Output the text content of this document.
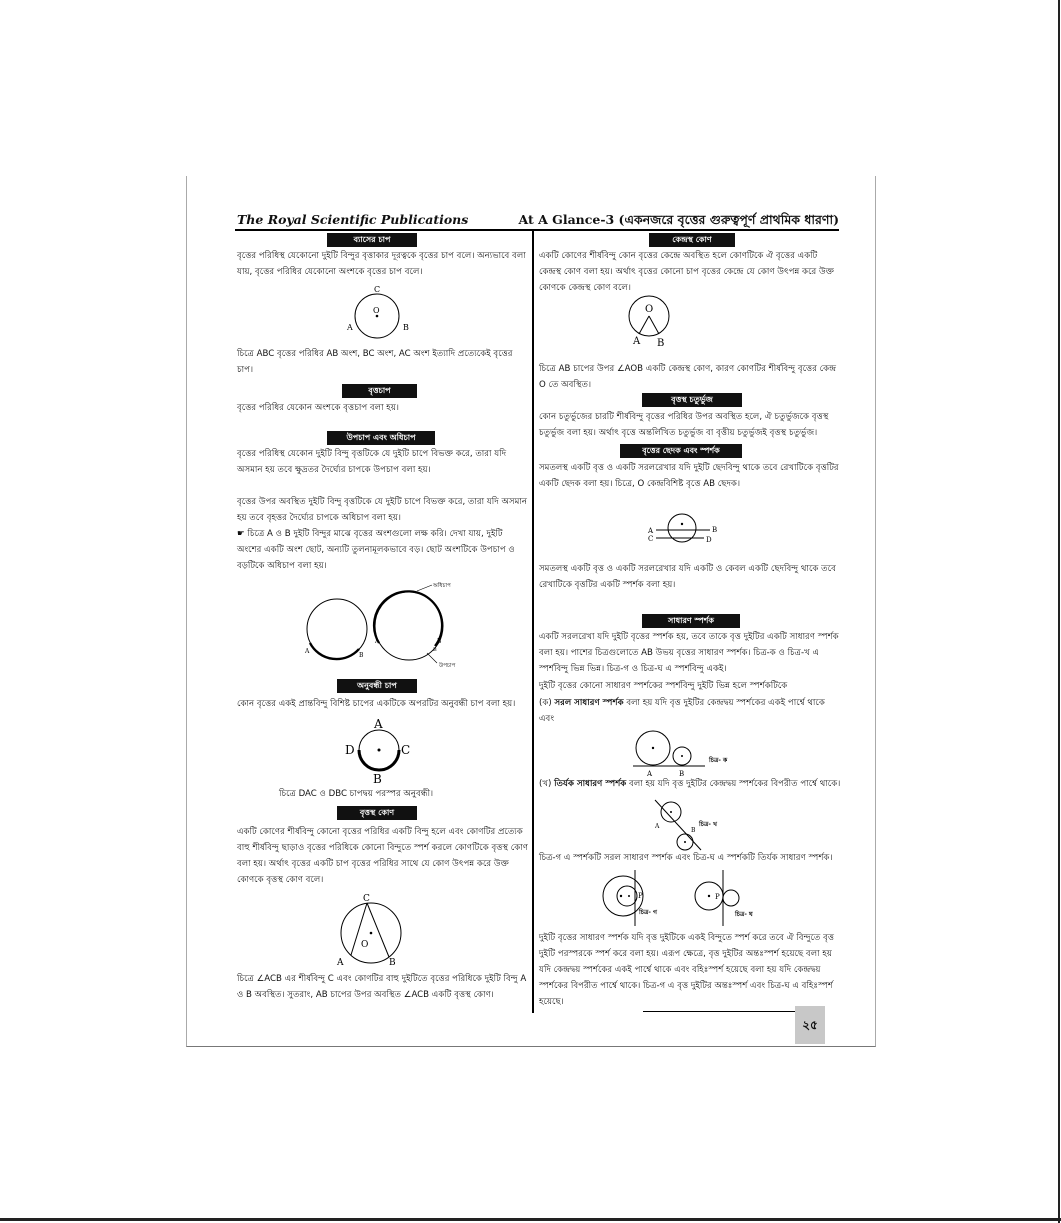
The Royal Scientific Publications	At A Glance-3 (একনজরে বৃত্তের গুরুত্বপূর্ণ প্রাথমিক ধারণা)
ব্যাসের চাপ
বৃত্তের পরিধিস্থ যেকোনো দুইটি বিন্দুর বৃত্তাকার দূরত্বকে বৃত্তের চাপ বলে। অন্যভাবে বলা যায়, বৃত্তের পরিধির যেকোনো অংশকে বৃত্তের চাপ বলে।
C
O
A	B
চিত্রে ABC বৃত্তের পরিধির AB অংশ, BC অংশ, AC অংশ ইত্যাদি প্রত্যেকেই বৃত্তের চাপ।
বৃত্তচাপ
বৃত্তের পরিধির যেকোন অংশকে বৃত্তচাপ বলা হয়।
উপচাপ এবং অধিচাপ
বৃত্তের পরিধিস্থ যেকোন দুইটি বিন্দু বৃত্তটিকে যে দুইটি চাপে বিভক্ত করে, তারা যদি অসমান হয় তবে ক্ষুদ্রতর দৈর্ঘ্যের চাপকে উপচাপ বলা হয়।
বৃত্তের উপর অবস্থিত দুইটি বিন্দু বৃত্তটিকে যে দুইটি চাপে বিভক্ত করে, তারা যদি অসমান হয় তবে বৃহত্তর দৈর্ঘ্যের চাপকে অধিচাপ বলা হয়।
☛ চিত্রে A ও B দুইটি বিন্দুর মাঝে বৃত্তের অংশগুলো লক্ষ করি। দেখা যায়, দুইটি অংশের একটি অংশ ছোট, অন্যটি তুলনামূলকভাবে বড়। ছোট অংশটিকে উপচাপ ও বড়টিকে অধিচাপ বলা হয়।
A
B
A	B
B
অধিচাপ
উপচাপ
অনুবন্ধী চাপ
কোন বৃত্তের একই প্রান্তবিন্দু বিশিষ্ট চাপের একটিকে অপরটির অনুবন্ধী চাপ বলা হয়।
A
D	C
B
চিত্রে DAC ও DBC চাপদ্বয় পরস্পর অনুবন্ধী।
বৃত্তস্থ কোণ
একটি কোণের শীর্ষবিন্দু কোনো বৃত্তের পরিধির একটি বিন্দু হলে এবং কোণটির প্রত্যেক বাহু শীর্ষবিন্দু ছাড়াও বৃত্তের পরিধিকে কোনো বিন্দুতে স্পর্শ করলে কোণটিকে বৃত্তস্থ কোণ বলা হয়। অর্থাৎ বৃত্তের একটি চাপ বৃত্তের পরিধির সাথে যে কোণ উৎপন্ন করে উক্ত কোণকে বৃত্তস্থ কোণ বলে।
C
O
A	B
চিত্রে ∠ACB এর শীর্ষবিন্দু C এবং কোণটির বাহু দুইটিতে বৃত্তের পরিধিকে দুইটি বিন্দু A ও B অবস্থিত। সুতরাং, AB চাপের উপর অবস্থিত ∠ACB একটি বৃত্তস্থ কোণ।
কেন্দ্রস্থ কোণ
একটি কোণের শীর্ষবিন্দু কোন বৃত্তের কেন্দ্রে অবস্থিত হলে কোণটিকে ঐ বৃত্তের একটি কেন্দ্রস্থ কোণ বলা হয়। অর্থাৎ বৃত্তের কোনো চাপ বৃত্তের কেন্দ্রে যে কোণ উৎপন্ন করে উক্ত কোণকে কেন্দ্রস্থ কোণ বলে।
O
A B
চিত্রে AB চাপের উপর ∠AOB একটি কেন্দ্রস্থ কোণ, কারণ কোণটির শীর্ষবিন্দু বৃত্তের কেন্দ্র O তে অবস্থিত।
বৃত্তস্থ চতুর্ভুজ
কোন চতুর্ভুজের চারটি শীর্ষবিন্দু বৃত্তের পরিধির উপর অবস্থিত হলে, ঐ চতুর্ভুজকে বৃত্তস্থ চতুর্ভুজ বলা হয়। অর্থাৎ বৃত্তে অন্তর্লিখিত চতুর্ভুজ বা বৃত্তীয় চতুর্ভুজই বৃত্তস্থ চতুর্ভুজ।
বৃত্তের ছেদক এবং স্পর্শক
সমতলস্থ একটি বৃত্ত ও একটি সরলরেখার যদি দুইটি ছেদবিন্দু থাকে তবে রেখাটিকে বৃত্তটির একটি ছেদক বলা হয়। চিত্রে, O কেন্দ্রবিশিষ্ট বৃত্তে AB ছেদক।
A	B
C	D
সমতলস্থ একটি বৃত্ত ও একটি সরলরেখার যদি একটি ও কেবল একটি ছেদবিন্দু থাকে তবে রেখাটিকে বৃত্তটির একটি স্পর্শক বলা হয়।
সাধারণ স্পর্শক
একটি সরলরেখা যদি দুইটি বৃত্তের স্পর্শক হয়, তবে তাকে বৃত্ত দুইটির একটি সাধারণ স্পর্শক বলা হয়। পাশের চিত্রগুলোতে AB উভয় বৃত্তের সাধারণ স্পর্শক। চিত্র-ক ও চিত্র-খ এ স্পর্শবিন্দু ভিন্ন ভিন্ন। চিত্র-গ ও চিত্র-ঘ এ স্পর্শবিন্দু একই।
দুইটি বৃত্তের কোনো সাধারণ স্পর্শকের স্পর্শবিন্দু দুইটি ভিন্ন হলে স্পর্শকটিকে
(ক) সরল সাধারণ স্পর্শক বলা হয় যদি বৃত্ত দুইটির কেন্দ্রদ্বয় স্পর্শকের একই পার্শ্বে থাকে এবং
A	B
চিত্র- ক
(খ) তির্যক সাধারণ স্পর্শক বলা হয় যদি বৃত্ত দুইটির কেন্দ্রদ্বয় স্পর্শকের বিপরীত পার্শ্বে থাকে।
A
B
চিত্র- খ
চিত্র-গ এ স্পর্শকটি সরল সাধারণ স্পর্শক এবং চিত্র-ঘ এ স্পর্শকটি তির্যক সাধারণ স্পর্শক।
P
চিত্র- গ
P
চিত্র- ঘ
দুইটি বৃত্তের সাধারণ স্পর্শক যদি বৃত্ত দুইটিকে একই বিন্দুতে স্পর্শ করে তবে ঐ বিন্দুতে বৃত্ত দুইটি পরস্পরকে স্পর্শ করে বলা হয়। এরূপ ক্ষেত্রে, বৃত্ত দুইটির অন্তঃস্পর্শ হয়েছে বলা হয় যদি কেন্দ্রদ্বয় স্পর্শকের একই পার্শ্বে থাকে এবং বহিঃস্পর্শ হয়েছে বলা হয় যদি কেন্দ্রদ্বয় স্পর্শকের বিপরীত পার্শ্বে থাকে। চিত্র-গ এ বৃত্ত দুইটির অন্তঃস্পর্শ এবং চিত্র-ঘ এ বহিঃস্পর্শ হয়েছে।
২৫
